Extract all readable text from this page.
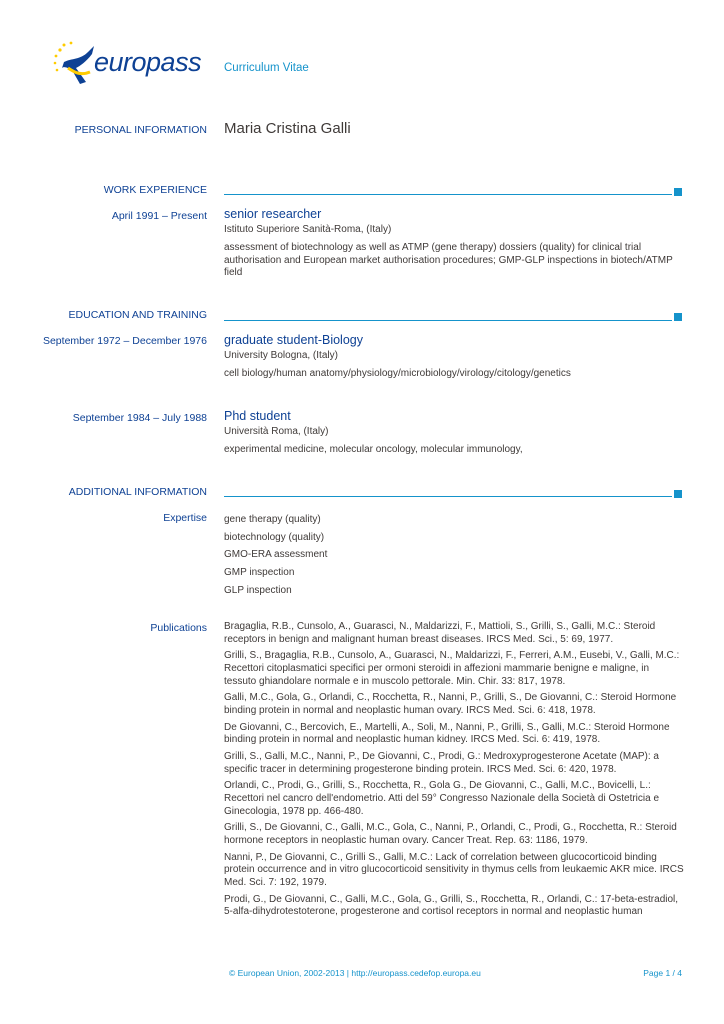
europass Curriculum Vitae
PERSONAL INFORMATION Maria Cristina Galli
WORK EXPERIENCE
April 1991 – Present senior researcher
Istituto Superiore Sanità-Roma, (Italy)
assessment of biotechnology as well as ATMP (gene therapy) dossiers (quality) for clinical trial authorisation and European market authorisation procedures; GMP-GLP inspections in biotech/ATMP field
EDUCATION AND TRAINING
September 1972 – December 1976 graduate student-Biology
University Bologna, (Italy)
cell biology/human anatomy/physiology/microbiology/virology/citology/genetics
September 1984 – July 1988 Phd student
Università Roma, (Italy)
experimental medicine, molecular oncology, molecular immunology,
ADDITIONAL INFORMATION
Expertise gene therapy (quality)
biotechnology (quality)
GMO-ERA assessment
GMP inspection
GLP inspection
Publications Bragaglia, R.B., Cunsolo, A., Guarasci, N., Maldarizzi, F., Mattioli, S., Grilli, S., Galli, M.C.: Steroid receptors in benign and malignant human breast diseases. IRCS Med. Sci., 5: 69, 1977.
Grilli, S., Bragaglia, R.B., Cunsolo, A., Guarasci, N., Maldarizzi, F., Ferreri, A.M., Eusebi, V., Galli, M.C.: Recettori citoplasmatici specifici per ormoni steroidi in affezioni mammarie benigne e maligne, in tessuto ghiandolare normale e in muscolo pettorale. Min. Chir. 33: 817, 1978.
Galli, M.C., Gola, G., Orlandi, C., Rocchetta, R., Nanni, P., Grilli, S., De Giovanni, C.: Steroid Hormone binding protein in normal and neoplastic human ovary. IRCS Med. Sci. 6: 418, 1978.
De Giovanni, C., Bercovich, E., Martelli, A., Soli, M., Nanni, P., Grilli, S., Galli, M.C.: Steroid Hormone binding protein in normal and neoplastic human kidney. IRCS Med. Sci. 6: 419, 1978.
Grilli, S., Galli, M.C., Nanni, P., De Giovanni, C., Prodi, G.: Medroxyprogesterone Acetate (MAP): a specific tracer in determining progesterone binding protein. IRCS Med. Sci. 6: 420, 1978.
Orlandi, C., Prodi, G., Grilli, S., Rocchetta, R., Gola G., De Giovanni, C., Galli, M.C., Bovicelli, L.: Recettori nel cancro dell'endometrio. Atti del 59° Congresso Nazionale della Società di Ostetricia e Ginecologia, 1978 pp. 466-480.
Grilli, S., De Giovanni, C., Galli, M.C., Gola, C., Nanni, P., Orlandi, C., Prodi, G., Rocchetta, R.: Steroid hormone receptors in neoplastic human ovary. Cancer Treat. Rep. 63: 1186, 1979.
Nanni, P., De Giovanni, C., Grilli S., Galli, M.C.: Lack of correlation between glucocorticoid binding protein occurrence and in vitro glucocorticoid sensitivity in thymus cells from leukaemic AKR mice. IRCS Med. Sci. 7: 192, 1979.
Prodi, G., De Giovanni, C., Galli, M.C., Gola, G., Grilli, S., Rocchetta, R., Orlandi, C.: 17-beta-estradiol, 5-alfa-dihydrotestoterone, progesterone and cortisol receptors in normal and neoplastic human
© European Union, 2002-2013 | http://europass.cedefop.europa.eu	Page 1 / 4
